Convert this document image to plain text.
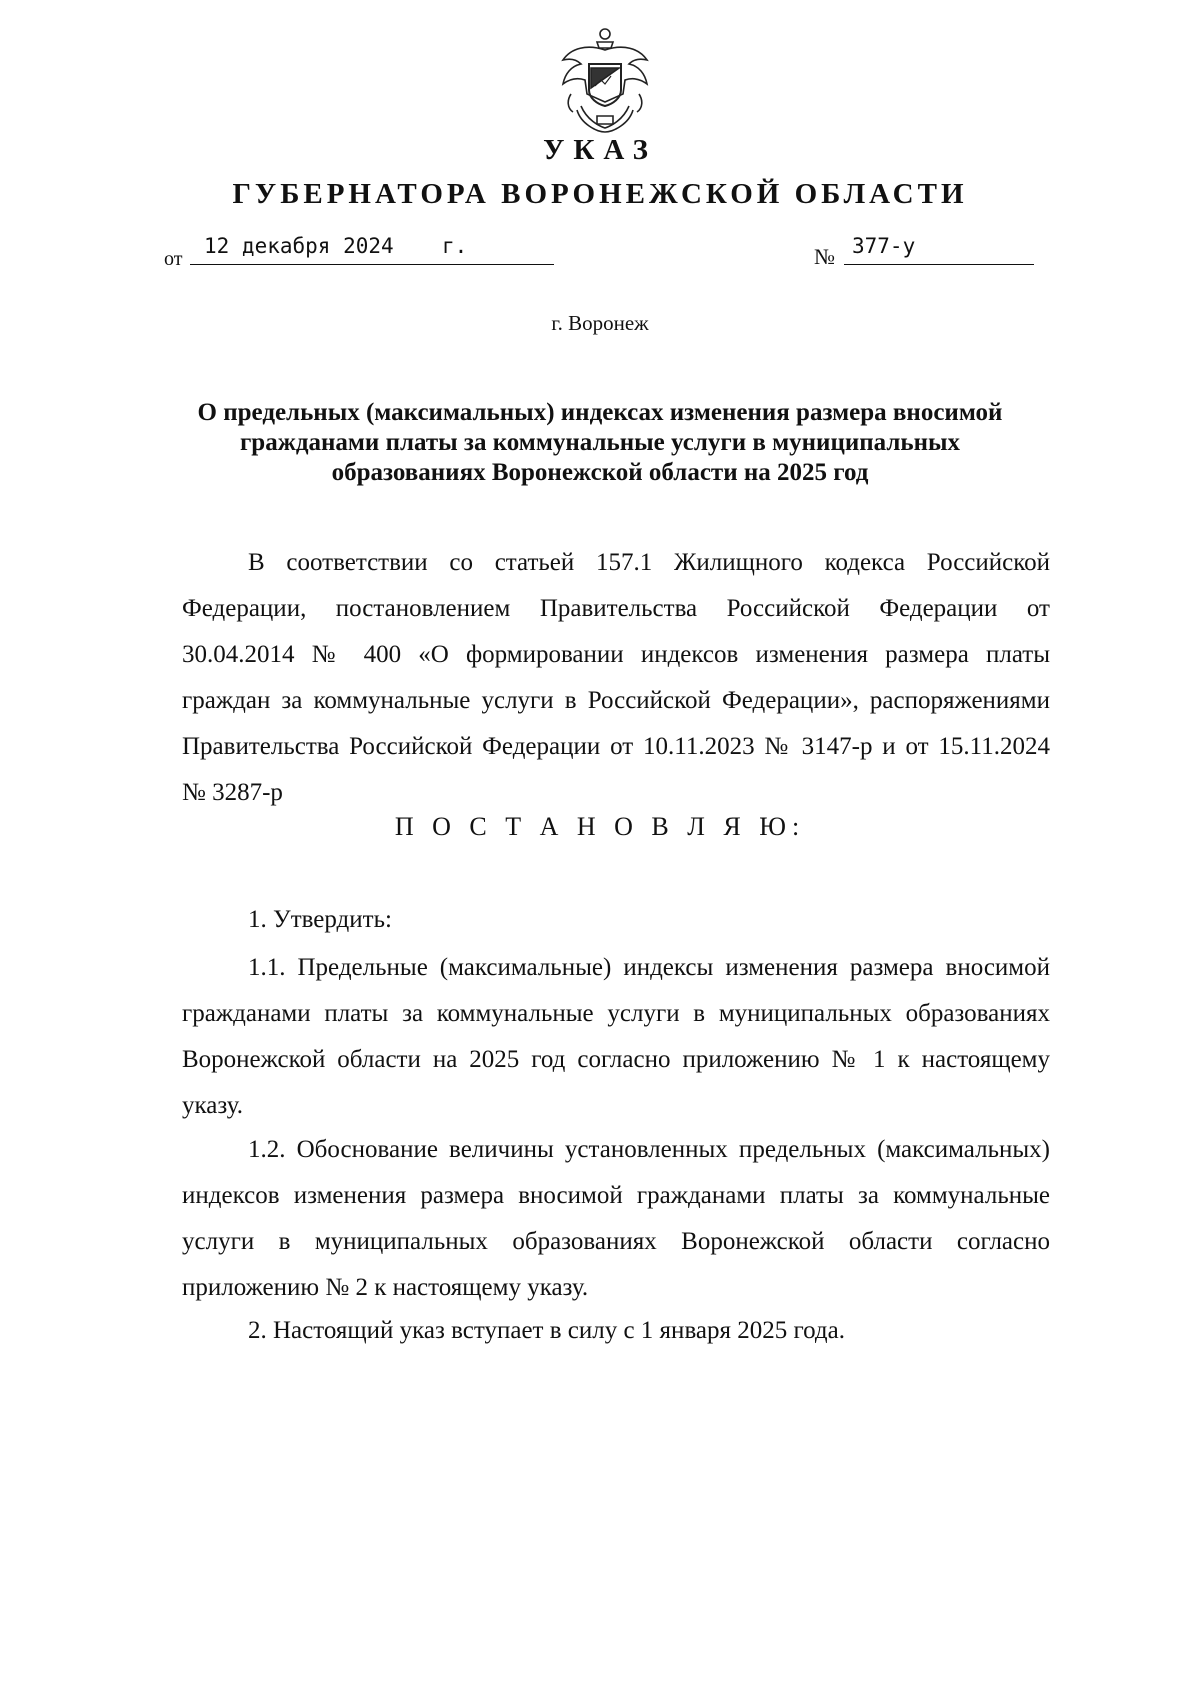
УКАЗ
ГУБЕРНАТОРА ВОРОНЕЖСКОЙ ОБЛАСТИ
от
12 декабря 2024 г.	№ 377-у
г. Воронеж
О предельных (максимальных) индексах изменения размера вносимой
гражданами платы за коммунальные услуги в муниципальных
образованиях Воронежской области на 2025 год
В соответствии со статьей 157.1 Жилищного кодекса Российской
Федерации, постановлением Правительства Российской Федерации от
30.04.2014 № 400 «О формировании индексов изменения размера платы
граждан за коммунальные услуги в Российской Федерации», распоряжениями
Правительства Российской Федерации от 10.11.2023 № 3147-р и от 15.11.2024
№ 3287-р
П О С Т А Н О В Л Я Ю:
1. Утвердить:
1.1. Предельные (максимальные) индексы изменения размера вносимой
гражданами платы за коммунальные услуги в муниципальных образованиях
Воронежской области на 2025 год согласно приложению № 1 к настоящему
указу.
1.2. Обоснование величины установленных предельных (максимальных)
индексов изменения размера вносимой гражданами платы за коммунальные
услуги в муниципальных образованиях Воронежской области согласно
приложению № 2 к настоящему указу.
2. Настоящий указ вступает в силу с 1 января 2025 года.
